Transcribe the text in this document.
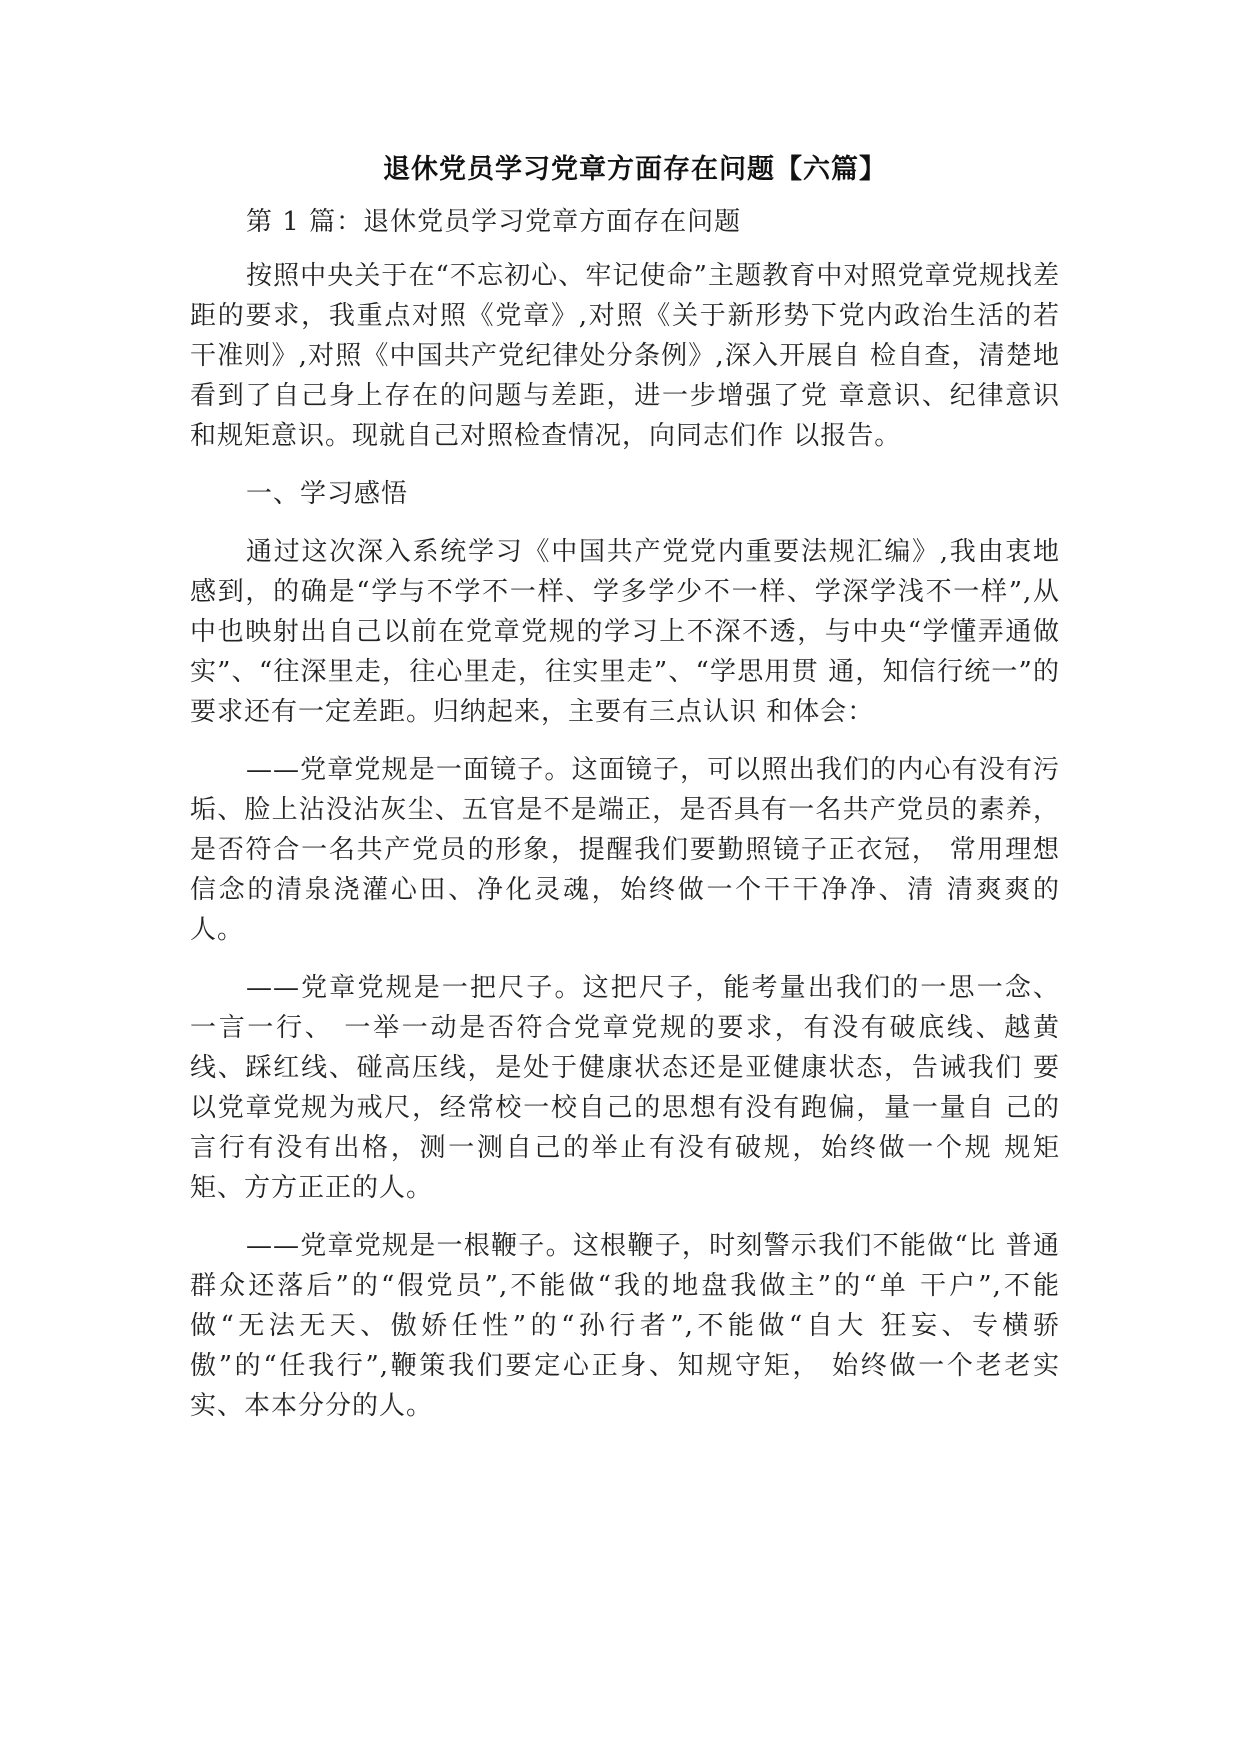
退休党员学习党章方面存在问题【六篇】

第 1 篇：退休党员学习党章方面存在问题

按照中央关于在“不忘初心、牢记使命”主题教育中对照党章党规找差距的要求，我重点对照《党章》,对照《关于新形势下党内政治生活的若干准则》,对照《中国共产党纪律处分条例》,深入开展自 检自查，清楚地看到了自己身上存在的问题与差距，进一步增强了党 章意识、纪律意识和规矩意识。现就自己对照检查情况，向同志们作 以报告。

一、学习感悟

通过这次深入系统学习《中国共产党党内重要法规汇编》,我由衷地感到，的确是“学与不学不一样、学多学少不一样、学深学浅不一样”,从中也映射出自己以前在党章党规的学习上不深不透，与中央“学懂弄通做实”、“往深里走，往心里走，往实里走”、“学思用贯 通，知信行统一”的要求还有一定差距。归纳起来，主要有三点认识 和体会：

——党章党规是一面镜子。这面镜子，可以照出我们的内心有没有污垢、脸上沾没沾灰尘、五官是不是端正，是否具有一名共产党员的素养，是否符合一名共产党员的形象，提醒我们要勤照镜子正衣冠， 常用理想信念的清泉浇灌心田、净化灵魂，始终做一个干干净净、清 清爽爽的人。

——党章党规是一把尺子。这把尺子，能考量出我们的一思一念、 一言一行、 一举一动是否符合党章党规的要求，有没有破底线、越黄 线、踩红线、碰高压线，是处于健康状态还是亚健康状态，告诫我们 要以党章党规为戒尺，经常校一校自己的思想有没有跑偏，量一量自 己的言行有没有出格，测一测自己的举止有没有破规，始终做一个规 规矩矩、方方正正的人。

——党章党规是一根鞭子。这根鞭子，时刻警示我们不能做“比 普通群众还落后”的“假党员”,不能做“我的地盘我做主”的“单 干户”,不能做“无法无天、傲娇任性”的“孙行者”,不能做“自大 狂妄、专横骄傲”的“任我行”,鞭策我们要定心正身、知规守矩， 始终做一个老老实实、本本分分的人。
